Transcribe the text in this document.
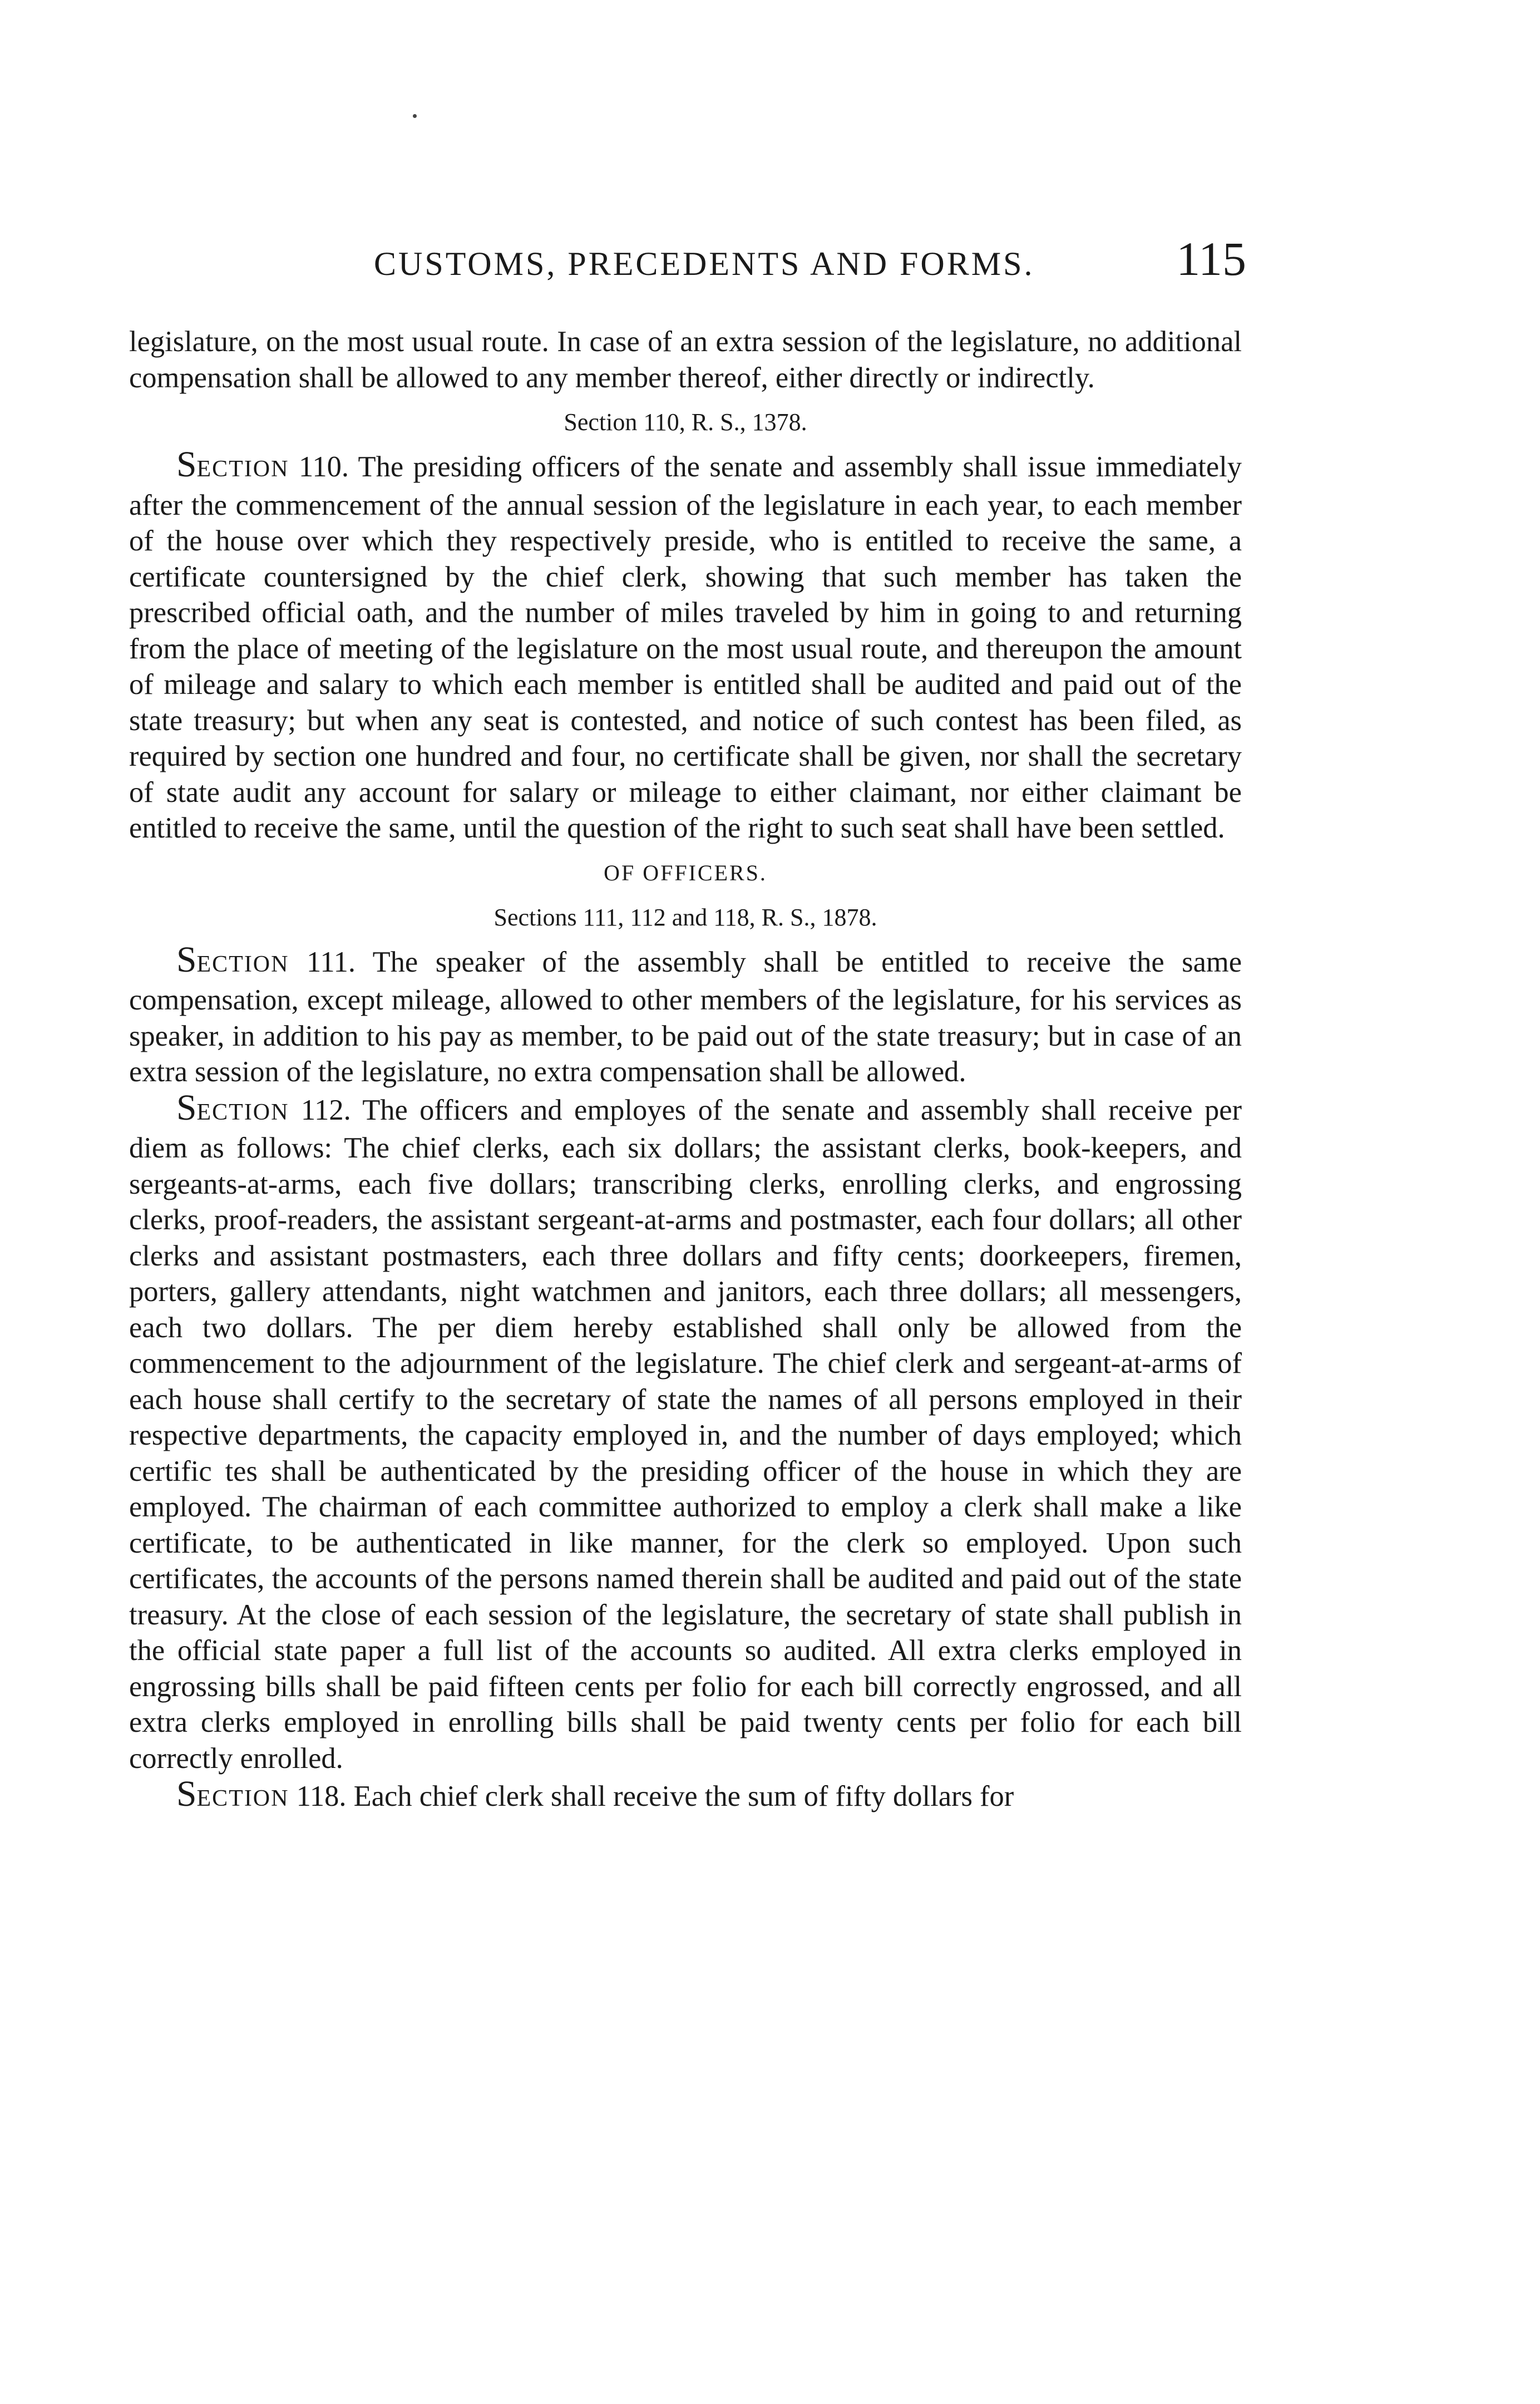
CUSTOMS, PRECEDENTS AND FORMS.	115

legislature, on the most usual route. In case of an extra session of the legislature, no additional compensation shall be allowed to any member thereof, either directly or indirectly.

Section 110, R. S., 1378.

SECTION 110. The presiding officers of the senate and assembly shall issue immediately after the commencement of the annual session of the legislature in each year, to each member of the house over which they respectively preside, who is entitled to receive the same, a certificate countersigned by the chief clerk, showing that such member has taken the prescribed official oath, and the number of miles traveled by him in going to and returning from the place of meeting of the legislature on the most usual route, and thereupon the amount of mileage and salary to which each member is entitled shall be audited and paid out of the state treasury; but when any seat is contested, and notice of such contest has been filed, as required by section one hundred and four, no certificate shall be given, nor shall the secretary of state audit any account for salary or mileage to either claimant, nor either claimant be entitled to receive the same, until the question of the right to such seat shall have been settled.

OF OFFICERS.
Sections 111, 112 and 118, R. S., 1878.

SECTION 111. The speaker of the assembly shall be entitled to receive the same compensation, except mileage, allowed to other members of the legislature, for his services as speaker, in addition to his pay as member, to be paid out of the state treasury; but in case of an extra session of the legislature, no extra compensation shall be allowed.

SECTION 112. The officers and employes of the senate and assembly shall receive per diem as follows: The chief clerks, each six dollars; the assistant clerks, book-keepers, and sergeants-at-arms, each five dollars; transcribing clerks, enrolling clerks, and engrossing clerks, proof-readers, the assistant sergeant-at-arms and postmaster, each four dollars; all other clerks and assistant postmasters, each three dollars and fifty cents; doorkeepers, firemen, porters, gallery attendants, night watchmen and janitors, each three dollars; all messengers, each two dollars. The per diem hereby established shall only be allowed from the commencement to the adjournment of the legislature. The chief clerk and sergeant-at-arms of each house shall certify to the secretary of state the names of all persons employed in their respective departments, the capacity employed in, and the number of days employed; which certific tes shall be authenticated by the presiding officer of the house in which they are employed. The chairman of each committee authorized to employ a clerk shall make a like certificate, to be authenticated in like manner, for the clerk so employed. Upon such certificates, the accounts of the persons named therein shall be audited and paid out of the state treasury. At the close of each session of the legislature, the secretary of state shall publish in the official state paper a full list of the accounts so audited. All extra clerks employed in engrossing bills shall be paid fifteen cents per folio for each bill correctly engrossed, and all extra clerks employed in enrolling bills shall be paid twenty cents per folio for each bill correctly enrolled.

SECTION 118. Each chief clerk shall receive the sum of fifty dollars for
